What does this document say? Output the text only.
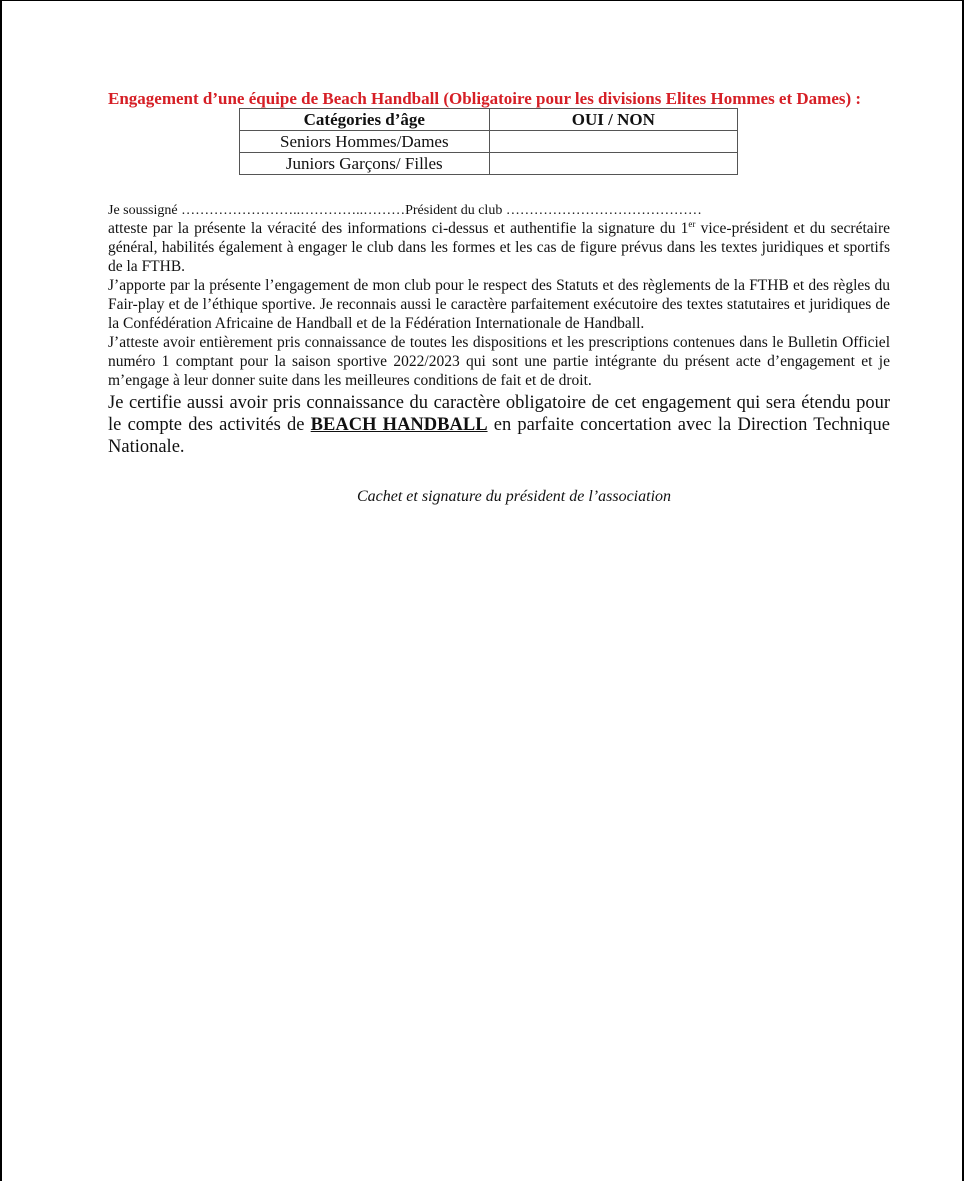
Engagement d’une équipe de Beach Handball (Obligatoire pour les divisions Elites Hommes et Dames) :

Catégories d’âge	OUI / NON
Seniors Hommes/Dames	
Juniors Garçons/ Filles	

Je soussigné ……………………..…………..………Président du club ……………………………………
atteste par la présente la véracité des informations ci-dessus et authentifie la signature du 1er vice-président et du secrétaire général, habilités également à engager le club dans les formes et les cas de figure prévus dans les textes juridiques et sportifs de la FTHB.

J’apporte par la présente l’engagement de mon club pour le respect des Statuts et des règlements de la FTHB et des règles du Fair-play et de l’éthique sportive. Je reconnais aussi le caractère parfaitement exécutoire des textes statutaires et juridiques de la Confédération Africaine de Handball et de la Fédération Internationale de Handball.

J’atteste avoir entièrement pris connaissance de toutes les dispositions et les prescriptions contenues dans le Bulletin Officiel numéro 1 comptant pour la saison sportive 2022/2023 qui sont une partie intégrante du présent acte d’engagement et je m’engage à leur donner suite dans les meilleures conditions de fait et de droit.

Je certifie aussi avoir pris connaissance du caractère obligatoire de cet engagement qui sera étendu pour le compte des activités de BEACH HANDBALL en parfaite concertation avec la Direction Technique Nationale.

Cachet et signature du président de l’association
